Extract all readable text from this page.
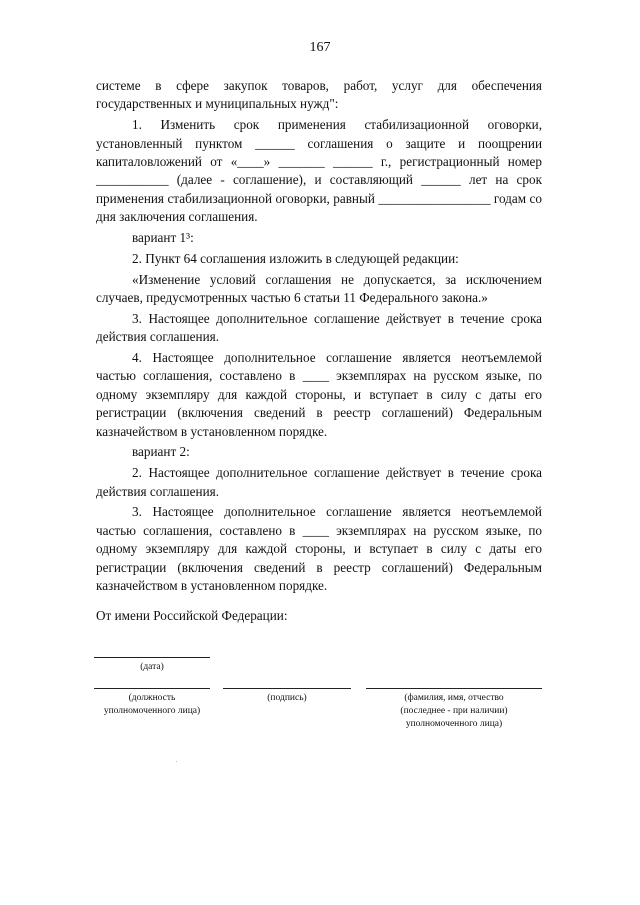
167

системе в сфере закупок товаров, работ, услуг для обеспечения государственных и муниципальных нужд":

1. Изменить срок применения стабилизационной оговорки, установленный пунктом ______ соглашения о защите и поощрении капиталовложений от «____» _______ ______ г., регистрационный номер ___________ (далее - соглашение), и составляющий ______ лет на срок применения стабилизационной оговорки, равный _________________ годам со дня заключения соглашения.

вариант 1³:

2. Пункт 64 соглашения изложить в следующей редакции:

«Изменение условий соглашения не допускается, за исключением случаев, предусмотренных частью 6 статьи 11 Федерального закона.»

3. Настоящее дополнительное соглашение действует в течение срока действия соглашения.

4. Настоящее дополнительное соглашение является неотъемлемой частью соглашения, составлено в ____ экземплярах на русском языке, по одному экземпляру для каждой стороны, и вступает в силу с даты его регистрации (включения сведений в реестр соглашений) Федеральным казначейством в установленном порядке.

вариант 2:

2. Настоящее дополнительное соглашение действует в течение срока действия соглашения.

3. Настоящее дополнительное соглашение является неотъемлемой частью соглашения, составлено в ____ экземплярах на русском языке, по одному экземпляру для каждой стороны, и вступает в силу с даты его регистрации (включения сведений в реестр соглашений) Федеральным казначейством в установленном порядке.

От имени Российской Федерации:
(дата)
(должность
уполномоченного лица)
(подпись)	(фамилия, имя, отчество
(последнее - при наличии)
уполномоченного лица)
